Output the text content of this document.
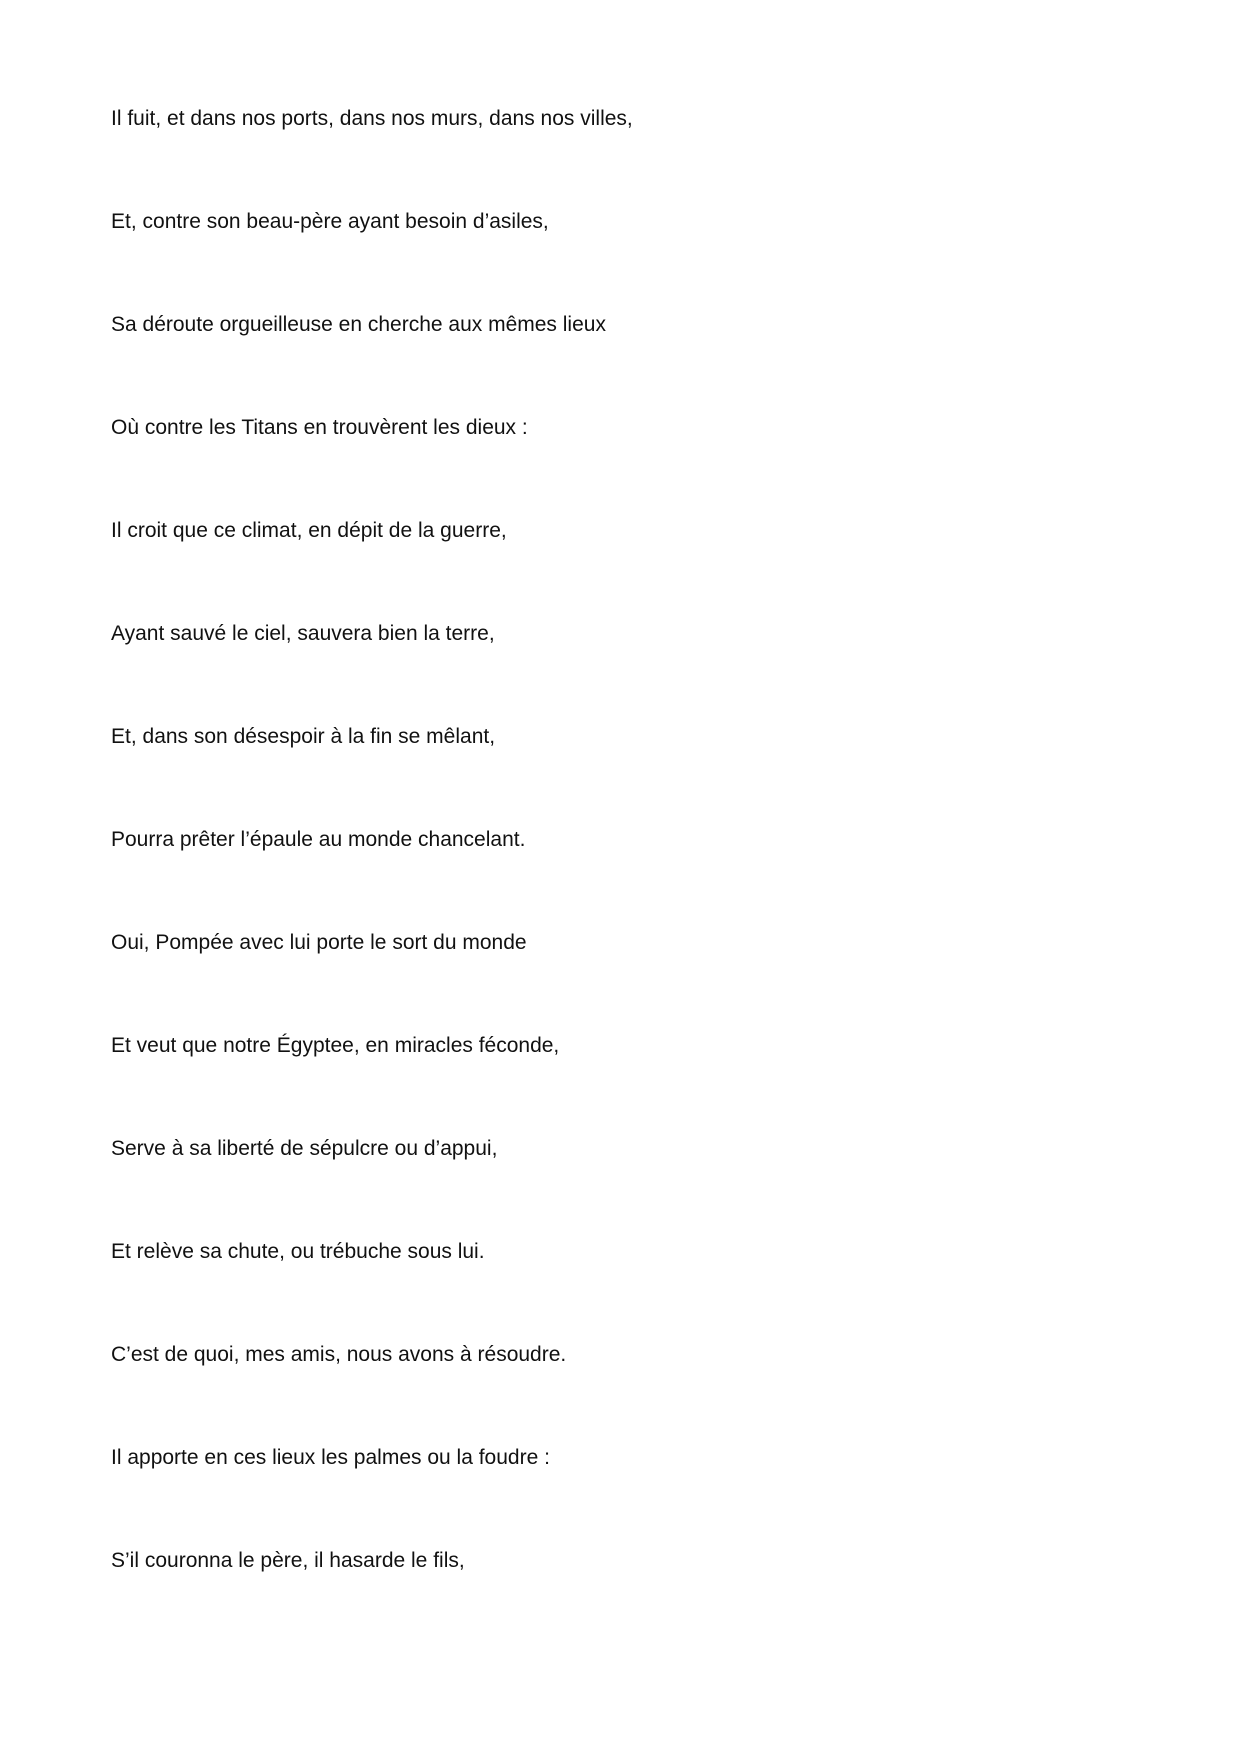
Il fuit, et dans nos ports, dans nos murs, dans nos villes,

Et, contre son beau-père ayant besoin d’asiles,

Sa déroute orgueilleuse en cherche aux mêmes lieux

Où contre les Titans en trouvèrent les dieux :

Il croit que ce climat, en dépit de la guerre,

Ayant sauvé le ciel, sauvera bien la terre,

Et, dans son désespoir à la fin se mêlant,

Pourra prêter l’épaule au monde chancelant.

Oui, Pompée avec lui porte le sort du monde

Et veut que notre Égyptee, en miracles féconde,

Serve à sa liberté de sépulcre ou d’appui,

Et relève sa chute, ou trébuche sous lui.

C’est de quoi, mes amis, nous avons à résoudre.

Il apporte en ces lieux les palmes ou la foudre :

S’il couronna le père, il hasarde le fils,
